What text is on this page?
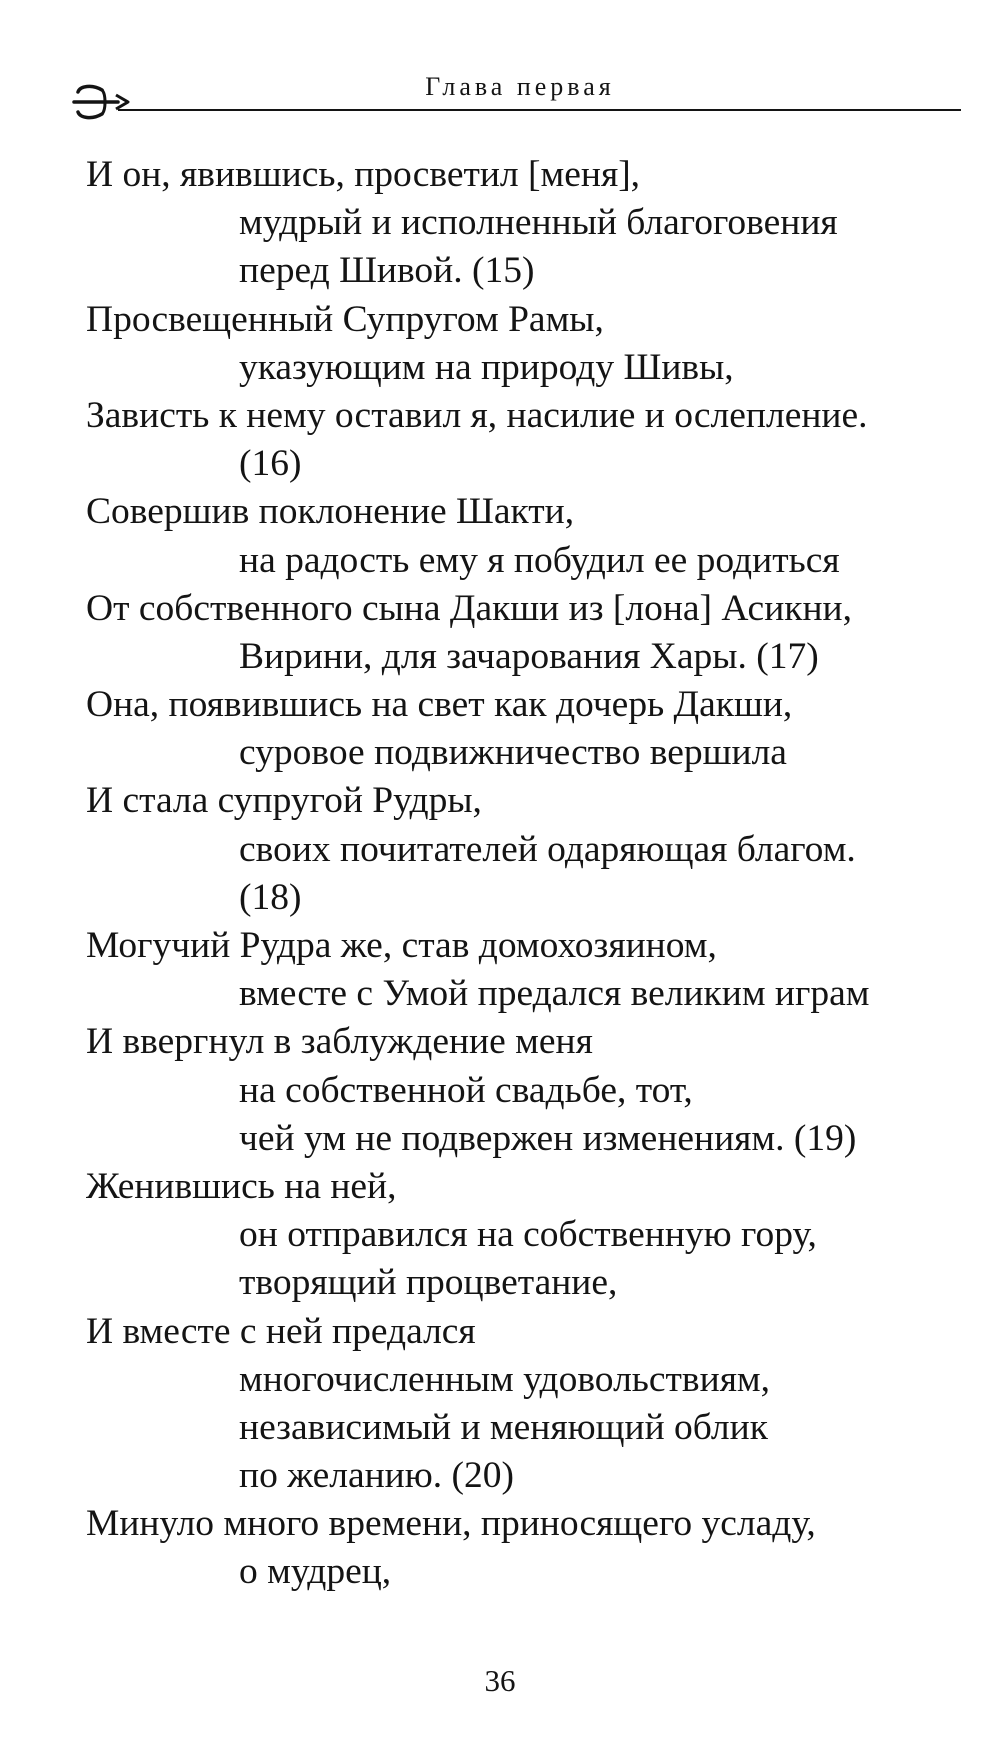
Глава первая
И он, явившись, просветил [меня],
мудрый и исполненный благоговения
перед Шивой. (15)
Просвещенный Супругом Рамы,
указующим на природу Шивы,
Зависть к нему оставил я, насилие и ослепление.
(16)
Совершив поклонение Шакти,
на радость ему я побудил ее родиться
От собственного сына Дакши из [лона] Асикни,
Вирини, для зачарования Хары. (17)
Она, появившись на свет как дочерь Дакши,
суровое подвижничество вершила
И стала супругой Рудры,
своих почитателей одаряющая благом.
(18)
Могучий Рудра же, став домохозяином,
вместе с Умой предался великим играм
И ввергнул в заблуждение меня
на собственной свадьбе, тот,
чей ум не подвержен изменениям. (19)
Женившись на ней,
он отправился на собственную гору,
творящий процветание,
И вместе с ней предался
многочисленным удовольствиям,
независимый и меняющий облик
по желанию. (20)
Минуло много времени, приносящего усладу,
о мудрец,
36
